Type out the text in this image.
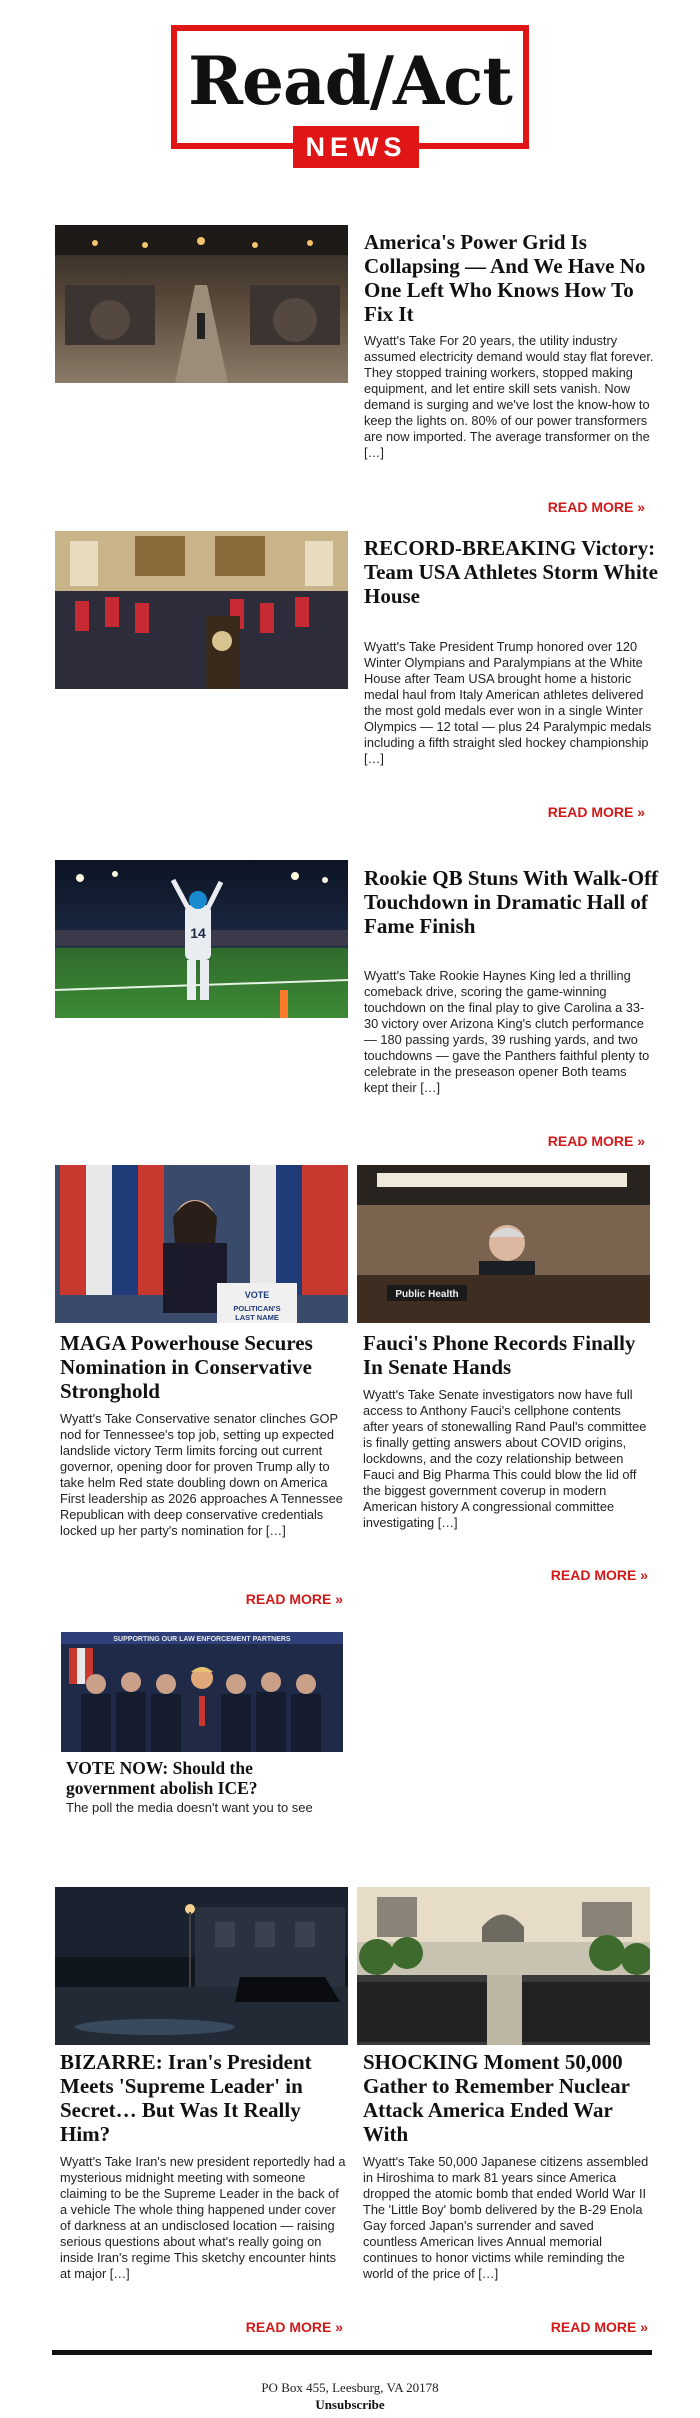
Read/Act
NEWS
America's Power Grid Is Collapsing — And We Have No One Left Who Knows How To Fix It
Wyatt's Take For 20 years, the utility industry assumed electricity demand would stay flat forever. They stopped training workers, stopped making equipment, and let entire skill sets vanish. Now demand is surging and we've lost the know-how to keep the lights on. 80% of our power transformers are now imported. The average transformer on the […]
READ MORE »
RECORD-BREAKING Victory: Team USA Athletes Storm White House
Wyatt's Take President Trump honored over 120 Winter Olympians and Paralympians at the White House after Team USA brought home a historic medal haul from Italy American athletes delivered the most gold medals ever won in a single Winter Olympics — 12 total — plus 24 Paralympic medals including a fifth straight sled hockey championship […]
READ MORE »
14
Rookie QB Stuns With Walk-Off Touchdown in Dramatic Hall of Fame Finish
Wyatt's Take Rookie Haynes King led a thrilling comeback drive, scoring the game-winning touchdown on the final play to give Carolina a 33-30 victory over Arizona King's clutch performance — 180 passing yards, 39 rushing yards, and two touchdowns — gave the Panthers faithful plenty to celebrate in the preseason opener Both teams kept their […]
READ MORE »
VOTE
POLITICAN'S
LAST NAME
MAGA Powerhouse Secures Nomination in Conservative Stronghold
Wyatt's Take Conservative senator clinches GOP nod for Tennessee's top job, setting up expected landslide victory Term limits forcing out current governor, opening door for proven Trump ally to take helm Red state doubling down on America First leadership as 2026 approaches A Tennessee Republican with deep conservative credentials locked up her party's nomination for […]
READ MORE »
Public Health
Fauci's Phone Records Finally In Senate Hands
Wyatt's Take Senate investigators now have full access to Anthony Fauci's cellphone contents after years of stonewalling Rand Paul's committee is finally getting answers about COVID origins, lockdowns, and the cozy relationship between Fauci and Big Pharma This could blow the lid off the biggest government coverup in modern American history A congressional committee investigating […]
READ MORE »
SUPPORTING OUR LAW ENFORCEMENT PARTNERS
VOTE NOW: Should the government abolish ICE?
The poll the media doesn't want you to see
BIZARRE: Iran's President Meets 'Supreme Leader' in Secret… But Was It Really Him?
Wyatt's Take Iran's new president reportedly had a mysterious midnight meeting with someone claiming to be the Supreme Leader in the back of a vehicle The whole thing happened under cover of darkness at an undisclosed location — raising serious questions about what's really going on inside Iran's regime This sketchy encounter hints at major […]
READ MORE »
SHOCKING Moment 50,000 Gather to Remember Nuclear Attack America Ended War With
Wyatt's Take 50,000 Japanese citizens assembled in Hiroshima to mark 81 years since America dropped the atomic bomb that ended World War II The 'Little Boy' bomb delivered by the B-29 Enola Gay forced Japan's surrender and saved countless American lives Annual memorial continues to honor victims while reminding the world of the price of […]
READ MORE »
PO Box 455, Leesburg, VA 20178
Unsubscribe
